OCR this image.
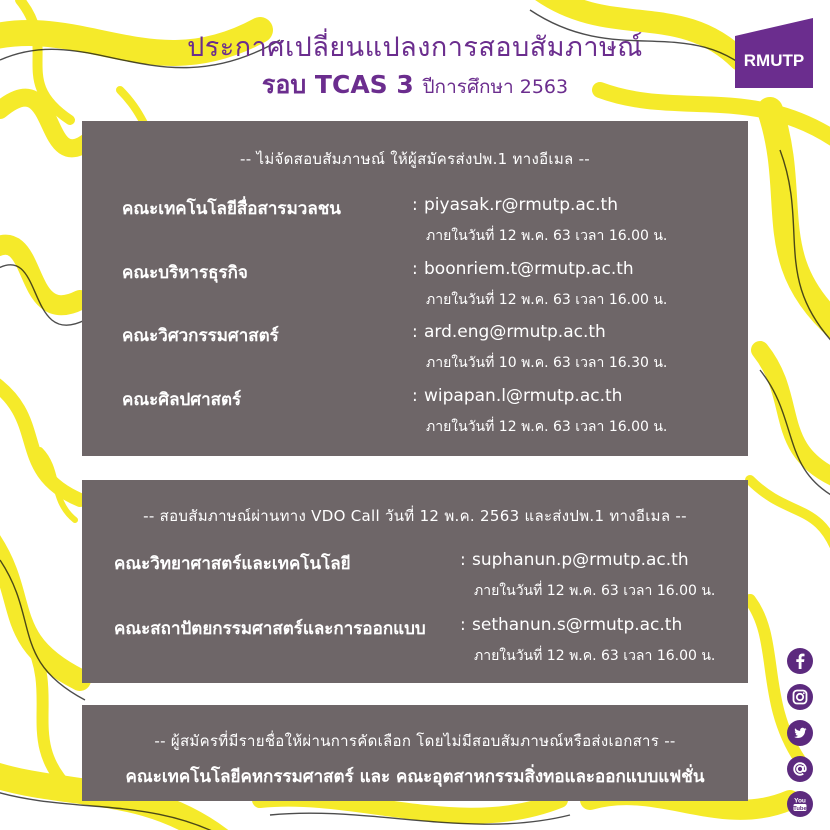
ประกาศเปลี่ยนแปลงการสอบสัมภาษณ์
รอบ TCAS 3 ปีการศึกษา 2563
RMUTP
-- ไม่จัดสอบสัมภาษณ์ ให้ผู้สมัครส่งปพ.1 ทางอีเมล --
คณะเทคโนโลยีสื่อสารมวลชน	: piyasak.r@rmutp.ac.th
ภายในวันที่ 12 พ.ค. 63 เวลา 16.00 น.
คณะบริหารธุรกิจ	: boonriem.t@rmutp.ac.th
ภายในวันที่ 12 พ.ค. 63 เวลา 16.00 น.
คณะวิศวกรรมศาสตร์	: ard.eng@rmutp.ac.th
ภายในวันที่ 10 พ.ค. 63 เวลา 16.30 น.
คณะศิลปศาสตร์	: wipapan.l@rmutp.ac.th
ภายในวันที่ 12 พ.ค. 63 เวลา 16.00 น.
-- สอบสัมภาษณ์ผ่านทาง VDO Call วันที่ 12 พ.ค. 2563 และส่งปพ.1 ทางอีเมล --
คณะวิทยาศาสตร์และเทคโนโลยี	: suphanun.p@rmutp.ac.th
ภายในวันที่ 12 พ.ค. 63 เวลา 16.00 น.
คณะสถาปัตยกรรมศาสตร์และการออกแบบ : sethanun.s@rmutp.ac.th
ภายในวันที่ 12 พ.ค. 63 เวลา 16.00 น.
-- ผู้สมัครที่มีรายชื่อให้ผ่านการคัดเลือก โดยไม่มีสอบสัมภาษณ์หรือส่งเอกสาร --
คณะเทคโนโลยีคหกรรมศาสตร์ และ คณะอุตสาหกรรมสิ่งทอและออกแบบแฟชั่น
You
Tube
